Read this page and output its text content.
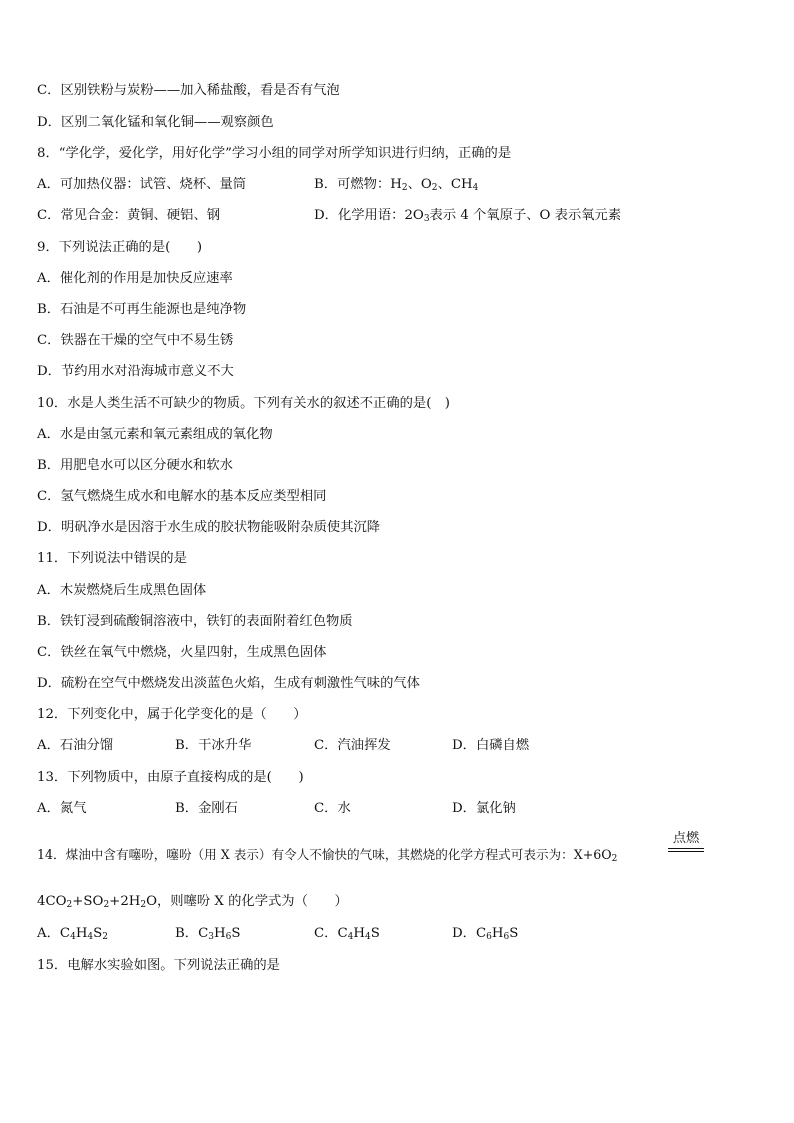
C．区别铁粉与炭粉——加入稀盐酸，看是否有气泡
D．区别二氧化锰和氧化铜——观察颜色
8．“学化学，爱化学，用好化学”学习小组的同学对所学知识进行归纳，正确的是
A．可加热仪器：试管、烧杯、量筒	B．可燃物：$H_2$、$O_2$、$CH_4$
C．常见合金：黄铜、硬铝、钢	D．化学用语：$2O_3$表示 4 个氧原子、O 表示氧元素
9．下列说法正确的是(　　)
A．催化剂的作用是加快反应速率
B．石油是不可再生能源也是纯净物
C．铁器在干燥的空气中不易生锈
D．节约用水对沿海城市意义不大
10．水是人类生活不可缺少的物质。下列有关水的叙述不正确的是(　)
A．水是由氢元素和氧元素组成的氧化物
B．用肥皂水可以区分硬水和软水
C．氢气燃烧生成水和电解水的基本反应类型相同
D．明矾净水是因溶于水生成的胶状物能吸附杂质使其沉降
11．下列说法中错误的是
A．木炭燃烧后生成黑色固体
B．铁钉浸到硫酸铜溶液中，铁钉的表面附着红色物质
C．铁丝在氧气中燃烧，火星四射，生成黑色固体
D．硫粉在空气中燃烧发出淡蓝色火焰，生成有刺激性气味的气体
12．下列变化中，属于化学变化的是（　　）
A．石油分馏	B．干冰升华	C．汽油挥发	D．白磷自燃
13．下列物质中，由原子直接构成的是(　　)
A．氮气	B．金刚石	C．水	D．氯化钠
14．煤油中含有噻吩，噻吩（用 X 表示）有令人不愉快的气味，其燃烧的化学方程式可表示为：$X+6O_2$
点燃
$4CO_2+SO_2+2H_2O$，则噻吩 X 的化学式为（　　）
A．$C_4H_4S_2$	B．$C_3H_6S$	C．$C_4H_4S$	D．$C_6H_6S$
15．电解水实验如图。下列说法正确的是
